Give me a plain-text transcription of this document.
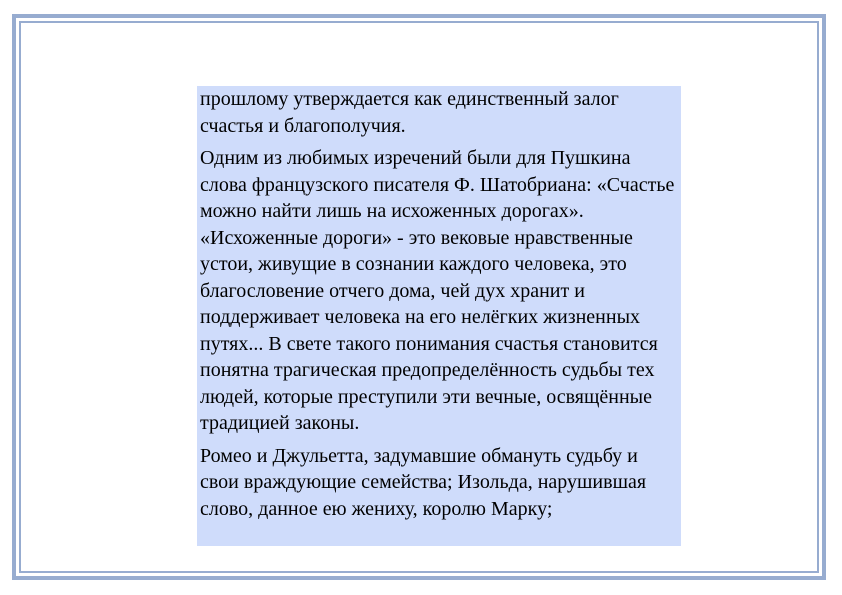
прошлому утверждается как единственный залог счастья и благополучия.

Одним из любимых изречений были для Пушкина слова французского писателя Ф. Шатобриана: «Счастье можно найти лишь на исхоженных дорогах». «Исхоженные дороги» - это вековые нравственные устои, живущие в сознании каждого человека, это благословение отчего дома, чей дух хранит и поддерживает человека на его нелёгких жизненных путях... В свете такого понимания счастья становится понятна трагическая предопределённость судьбы тех людей, которые преступили эти вечные, освящённые традицией законы.

Ромео и Джульетта, задумавшие обмануть судьбу и свои враждующие семейства; Изольда, нарушившая слово, данное ею жениху, королю Марку;
